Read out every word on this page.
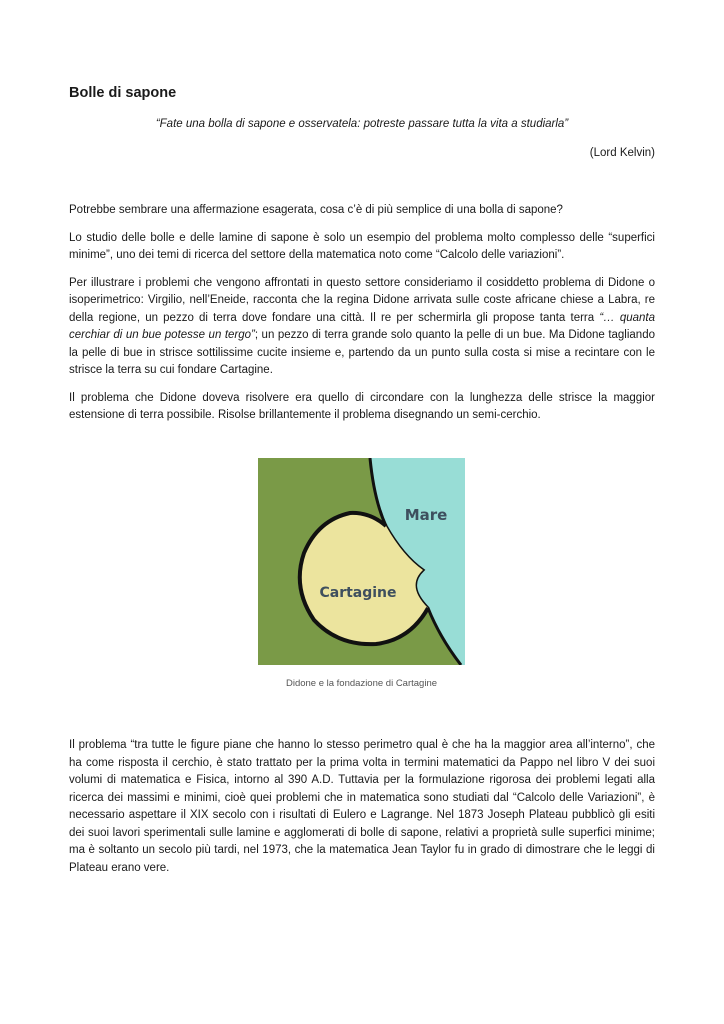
Bolle di sapone

“Fate una bolla di sapone e osservatela: potreste passare tutta la vita a studiarla”

(Lord Kelvin)

Potrebbe sembrare una affermazione esagerata, cosa c’è di più semplice di una bolla di sapone?

Lo studio delle bolle e delle lamine di sapone è solo un esempio del problema molto complesso delle “superfici minime”, uno dei temi di ricerca del settore della matematica noto come “Calcolo delle variazioni”.

Per illustrare i problemi che vengono affrontati in questo settore consideriamo il cosiddetto problema di Didone o isoperimetrico: Virgilio, nell’Eneide, racconta che la regina Didone arrivata sulle coste africane chiese a Labra, re della regione, un pezzo di terra dove fondare una città. Il re per schermirla gli propose tanta terra “… quanta cerchiar di un bue potesse un tergo”; un pezzo di terra grande solo quanto la pelle di un bue. Ma Didone tagliando la pelle di bue in strisce sottilissime cucite insieme e, partendo da un punto sulla costa si mise a recintare con le strisce la terra su cui fondare Cartagine.

Il problema che Didone doveva risolvere era quello di circondare con la lunghezza delle strisce la maggior estensione di terra possibile. Risolse brillantemente il problema disegnando un semi-cerchio.

Mare
Cartagine
Didone e la fondazione di Cartagine

Il problema “tra tutte le figure piane che hanno lo stesso perimetro qual è che ha la maggior area all’interno”, che ha come risposta il cerchio, è stato trattato per la prima volta in termini matematici da Pappo nel libro V dei suoi volumi di matematica e Fisica, intorno al 390 A.D. Tuttavia per la formulazione rigorosa dei problemi legati alla ricerca dei massimi e minimi, cioè quei problemi che in matematica sono studiati dal “Calcolo delle Variazioni”, è necessario aspettare il XIX secolo con i risultati di Eulero e Lagrange. Nel 1873 Joseph Plateau pubblicò gli esiti dei suoi lavori sperimentali sulle lamine e agglomerati di bolle di sapone, relativi a proprietà sulle superfici minime; ma è soltanto un secolo più tardi, nel 1973, che la matematica Jean Taylor fu in grado di dimostrare che le leggi di Plateau erano vere.
